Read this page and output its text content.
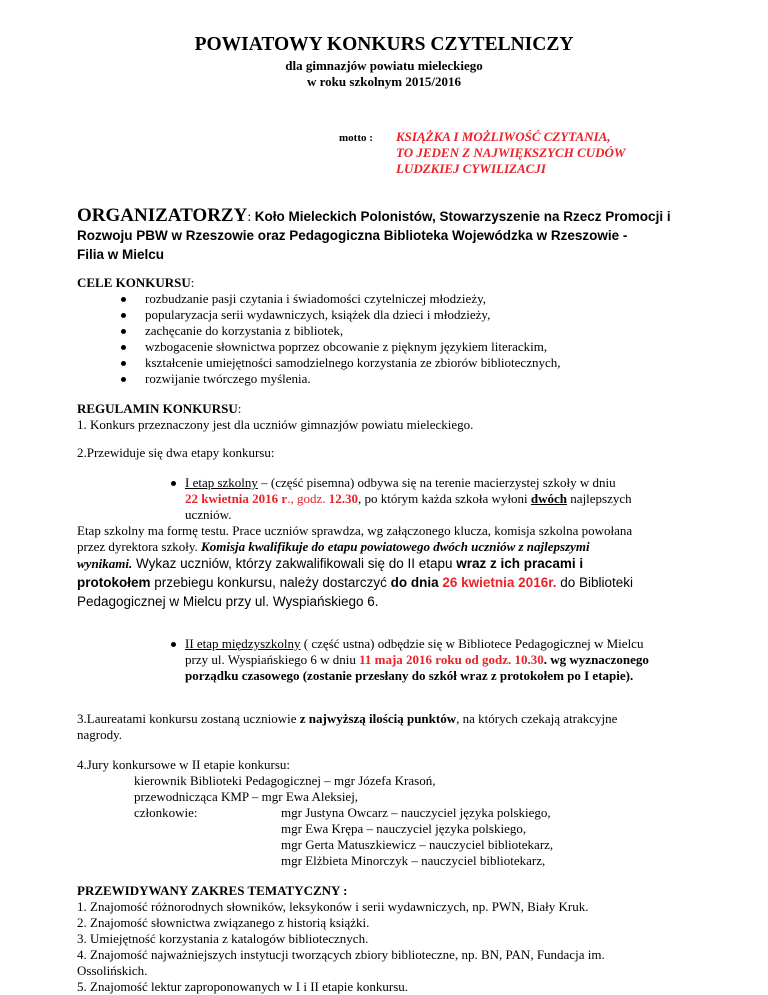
POWIATOWY KONKURS CZYTELNICZY
dla gimnazjów powiatu mieleckiego
w roku szkolnym 2015/2016
motto : KSIĄŻKA I MOŻLIWOŚĆ CZYTANIA,
TO JEDEN Z NAJWIĘKSZYCH CUDÓW
LUDZKIEJ CYWILIZACJI
ORGANIZATORZY: Koło Mieleckich Polonistów, Stowarzyszenie na Rzecz Promocji i
Rozwoju PBW w Rzeszowie oraz Pedagogiczna Biblioteka Wojewódzka w Rzeszowie -
Filia w Mielcu
CELE KONKURSU:
rozbudzanie pasji czytania i świadomości czytelniczej młodzieży,
popularyzacja serii wydawniczych, książek dla dzieci i młodzieży,
zachęcanie do korzystania z bibliotek,
wzbogacenie słownictwa poprzez obcowanie z pięknym językiem literackim,
kształcenie umiejętności samodzielnego korzystania ze zbiorów bibliotecznych,
rozwijanie twórczego myślenia.
REGULAMIN KONKURSU:
1. Konkurs przeznaczony jest dla uczniów gimnazjów powiatu mieleckiego.
2.Przewiduje się dwa etapy konkursu:
I etap szkolny – (część pisemna) odbywa się na terenie macierzystej szkoły w dniu
22 kwietnia 2016 r., godz. 12.30, po którym każda szkoła wyłoni dwóch najlepszych
uczniów.
Etap szkolny ma formę testu. Prace uczniów sprawdza, wg załączonego klucza, komisja szkolna powołana
przez dyrektora szkoły. Komisja kwalifikuje do etapu powiatowego dwóch uczniów z najlepszymi
wynikami. Wykaz uczniów, którzy zakwalifikowali się do II etapu wraz z ich pracami i
protokołem przebiegu konkursu, należy dostarczyć do dnia 26 kwietnia 2016r. do Biblioteki
Pedagogicznej w Mielcu przy ul. Wyspiańskiego 6.
II etap międzyszkolny ( część ustna) odbędzie się w Bibliotece Pedagogicznej w Mielcu
przy ul. Wyspiańskiego 6 w dniu 11 maja 2016 roku od godz. 10.30. wg wyznaczonego
porządku czasowego (zostanie przesłany do szkół wraz z protokołem po I etapie).
3.Laureatami konkursu zostaną uczniowie z najwyższą ilością punktów, na których czekają atrakcyjne
nagrody.
4.Jury konkursowe w II etapie konkursu:
kierownik Biblioteki Pedagogicznej – mgr Józefa Krasoń,
przewodnicząca KMP – mgr Ewa Aleksiej,
członkowie:	mgr Justyna Owcarz – nauczyciel języka polskiego,
mgr Ewa Krępa – nauczyciel języka polskiego,
mgr Gerta Matuszkiewicz – nauczyciel bibliotekarz,
mgr Elżbieta Minorczyk – nauczyciel bibliotekarz,
PRZEWIDYWANY ZAKRES TEMATYCZNY :
1. Znajomość różnorodnych słowników, leksykonów i serii wydawniczych, np. PWN, Biały Kruk.
2. Znajomość słownictwa związanego z historią książki.
3. Umiejętność korzystania z katalogów bibliotecznych.
4. Znajomość najważniejszych instytucji tworzących zbiory biblioteczne, np. BN, PAN, Fundacja im.
Ossolińskich.
5. Znajomość lektur zaproponowanych w I i II etapie konkursu.
